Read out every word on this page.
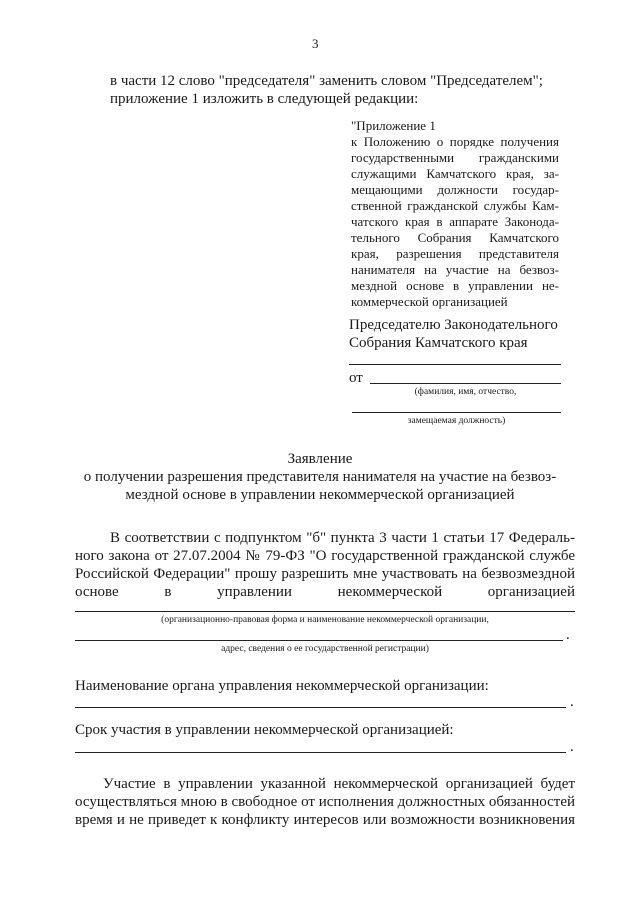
3
в части 12 слово "председателя" заменить словом "Председателем";
приложение 1 изложить в следующей редакции:
"Приложение 1
к Положению о порядке получения
государственными гражданскими
служащими Камчатского края, за-
мещающими должности государ-
ственной гражданской службы Кам-
чатского края в аппарате Законода-
тельного Собрания Камчатского
края, разрешения представителя
нанимателя на участие на безвоз-
мездной основе в управлении не-
коммерческой организацией
Председателю Законодательного
Собрания Камчатского края
от
(фамилия, имя, отчество,
замещаемая должность)
Заявление
о получении разрешения представителя нанимателя на участие на безвоз-
мездной основе в управлении некоммерческой организацией
В соответствии с подпунктом "б" пункта 3 части 1 статьи 17 Федераль-
ного закона от 27.07.2004 № 79-ФЗ "О государственной гражданской службе
Российской Федерации" прошу разрешить мне участвовать на безвозмездной
основе в управлении некоммерческой организацией
(организационно-правовая форма и наименование некоммерческой организации,
.
адрес, сведения о ее государственной регистрации)
Наименование органа управления некоммерческой организации:
.
Срок участия в управлении некоммерческой организацией:
.
Участие в управлении указанной некоммерческой организацией будет
осуществляться мною в свободное от исполнения должностных обязанностей
время и не приведет к конфликту интересов или возможности возникновения
